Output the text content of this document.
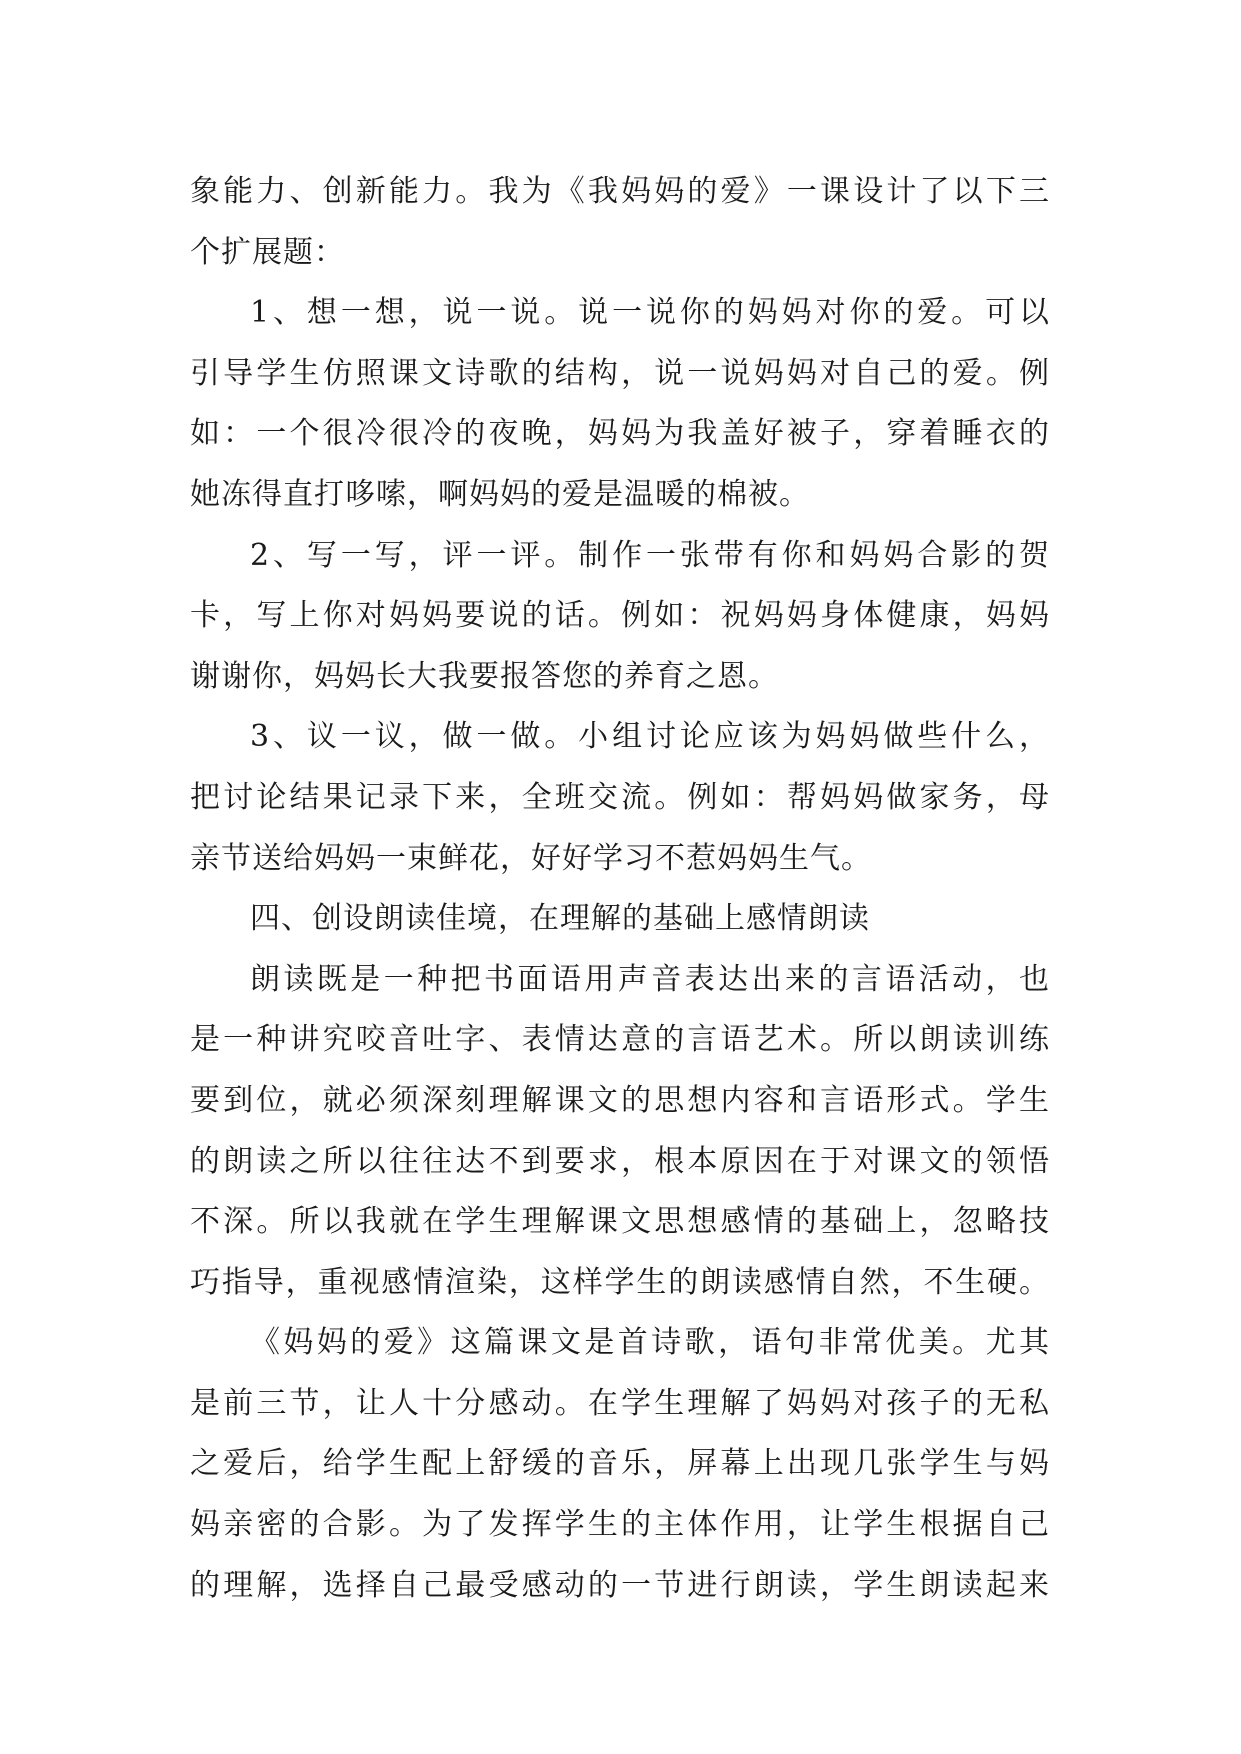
象能力、创新能力。我为《我妈妈的爱》一课设计了以下三
个扩展题：
1、想一想，说一说。说一说你的妈妈对你的爱。可以
引导学生仿照课文诗歌的结构，说一说妈妈对自己的爱。例
如：一个很冷很冷的夜晚，妈妈为我盖好被子，穿着睡衣的
她冻得直打哆嗦，啊妈妈的爱是温暖的棉被。
2、写一写，评一评。制作一张带有你和妈妈合影的贺
卡，写上你对妈妈要说的话。例如：祝妈妈身体健康，妈妈
谢谢你，妈妈长大我要报答您的养育之恩。
3、议一议，做一做。小组讨论应该为妈妈做些什么，
把讨论结果记录下来，全班交流。例如：帮妈妈做家务，母
亲节送给妈妈一束鲜花，好好学习不惹妈妈生气。
四、创设朗读佳境，在理解的基础上感情朗读
朗读既是一种把书面语用声音表达出来的言语活动，也
是一种讲究咬音吐字、表情达意的言语艺术。所以朗读训练
要到位，就必须深刻理解课文的思想内容和言语形式。学生
的朗读之所以往往达不到要求，根本原因在于对课文的领悟
不深。所以我就在学生理解课文思想感情的基础上，忽略技
巧指导，重视感情渲染，这样学生的朗读感情自然，不生硬。
《妈妈的爱》这篇课文是首诗歌，语句非常优美。尤其
是前三节，让人十分感动。在学生理解了妈妈对孩子的无私
之爱后，给学生配上舒缓的音乐，屏幕上出现几张学生与妈
妈亲密的合影。为了发挥学生的主体作用，让学生根据自己
的理解，选择自己最受感动的一节进行朗读，学生朗读起来
